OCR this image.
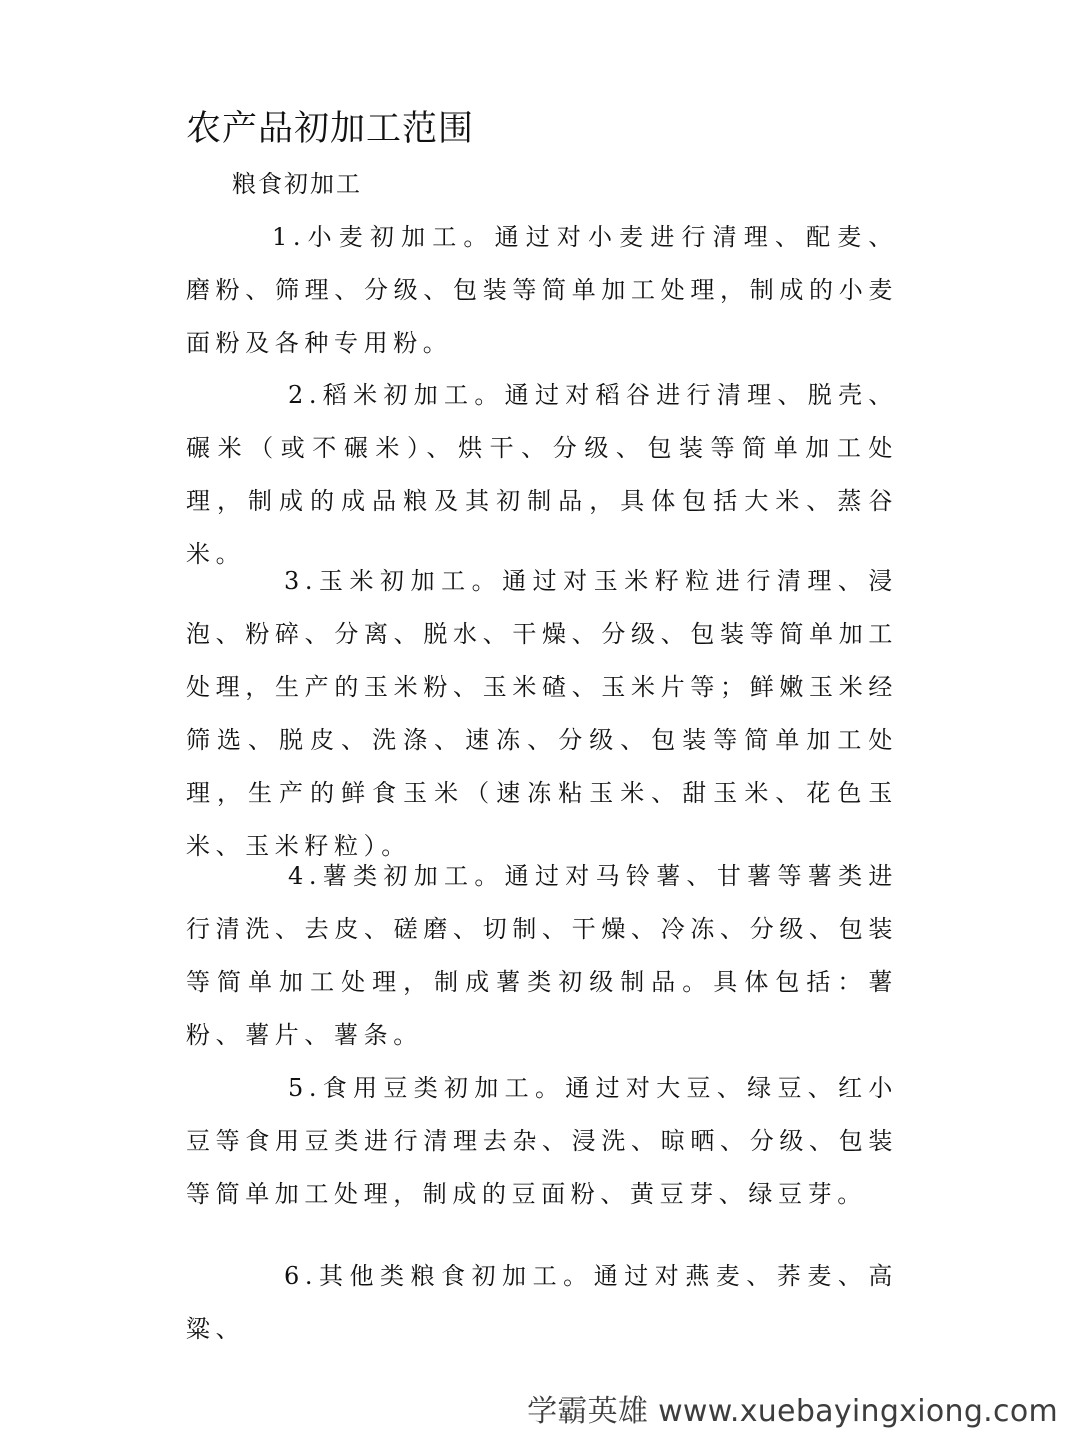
农产品初加工范围
粮食初加工

1.小麦初加工。通过对小麦进行清理、配麦、磨粉、筛理、分级、包装等简单加工处理，制成的小麦面粉及各种专用粉。

2.稻米初加工。通过对稻谷进行清理、脱壳、碾米（或不碾米）、烘干、分级、包装等简单加工处理，制成的成品粮及其初制品，具体包括大米、蒸谷米。

3.玉米初加工。通过对玉米籽粒进行清理、浸泡、粉碎、分离、脱水、干燥、分级、包装等简单加工处理，生产的玉米粉、玉米碴、玉米片等；鲜嫩玉米经筛选、脱皮、洗涤、速冻、分级、包装等简单加工处理，生产的鲜食玉米（速冻粘玉米、甜玉米、花色玉米、玉米籽粒）。

4.薯类初加工。通过对马铃薯、甘薯等薯类进行清洗、去皮、磋磨、切制、干燥、冷冻、分级、包装等简单加工处理，制成薯类初级制品。具体包括：薯粉、薯片、薯条。

5.食用豆类初加工。通过对大豆、绿豆、红小豆等食用豆类进行清理去杂、浸洗、晾晒、分级、包装等简单加工处理，制成的豆面粉、黄豆芽、绿豆芽。

6.其他类粮食初加工。通过对燕麦、荞麦、高粱、

学霸英雄 www.xuebayingxiong.com
